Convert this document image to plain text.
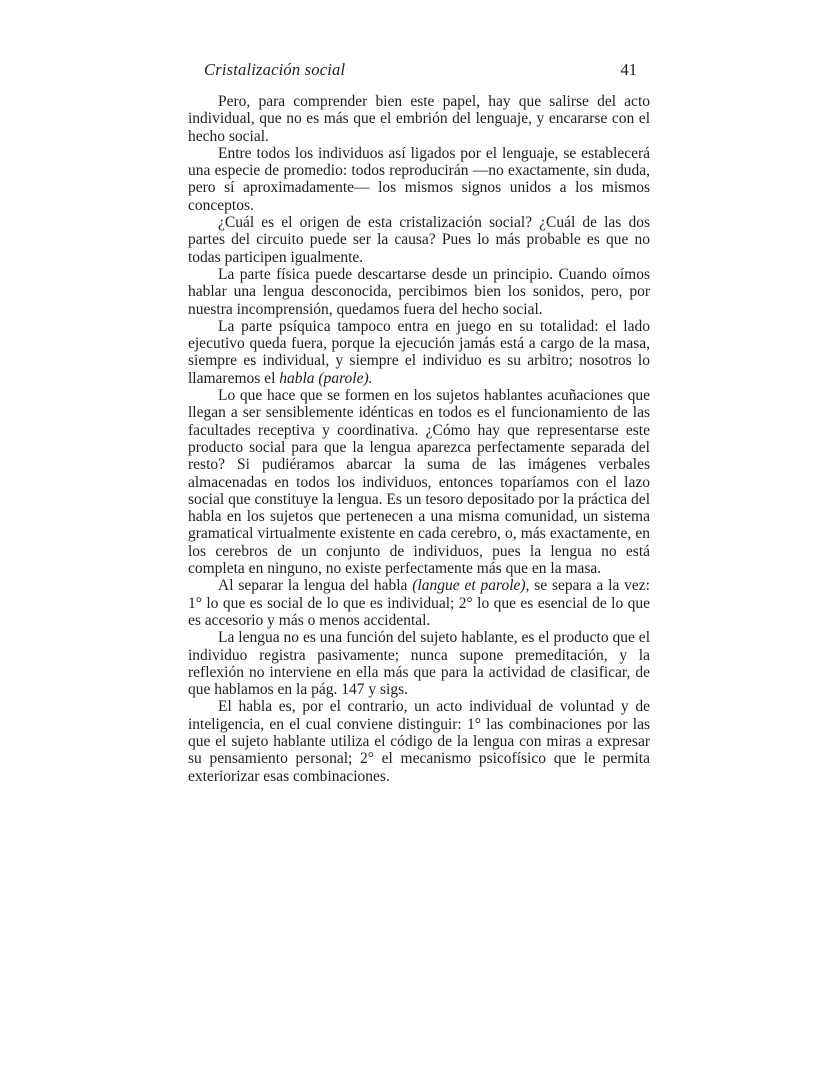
Cristalización social	41

Pero, para comprender bien este papel, hay que salirse del acto individual, que no es más que el embrión del lenguaje, y encararse con el hecho social.

Entre todos los individuos así ligados por el lenguaje, se establecerá una especie de promedio: todos reproducirán —no exactamente, sin duda, pero sí aproximadamente— los mismos signos unidos a los mismos conceptos.

¿Cuál es el origen de esta cristalización social? ¿Cuál de las dos partes del circuito puede ser la causa? Pues lo más probable es que no todas participen igualmente.

La parte física puede descartarse desde un principio. Cuando oímos hablar una lengua desconocida, percibimos bien los sonidos, pero, por nuestra incomprensión, quedamos fuera del hecho social.

La parte psíquica tampoco entra en juego en su totalidad: el lado ejecutivo queda fuera, porque la ejecución jamás está a cargo de la masa, siempre es individual, y siempre el individuo es su arbitro; nosotros lo llamaremos el habla (parole).

Lo que hace que se formen en los sujetos hablantes acuñaciones que llegan a ser sensiblemente idénticas en todos es el funcionamiento de las facultades receptiva y coordinativa. ¿Cómo hay que representarse este producto social para que la lengua aparezca perfectamente separada del resto? Si pudiéramos abarcar la suma de las imágenes verbales almacenadas en todos los individuos, entonces toparíamos con el lazo social que constituye la lengua. Es un tesoro depositado por la práctica del habla en los sujetos que pertenecen a una misma comunidad, un sistema gramatical virtualmente existente en cada cerebro, o, más exactamente, en los cerebros de un conjunto de individuos, pues la lengua no está completa en ninguno, no existe perfectamente más que en la masa.

Al separar la lengua del habla (langue et parole), se separa a la vez: 1° lo que es social de lo que es individual; 2° lo que es esencial de lo que es accesorio y más o menos accidental.

La lengua no es una función del sujeto hablante, es el producto que el individuo registra pasivamente; nunca supone premeditación, y la reflexión no interviene en ella más que para la actividad de clasificar, de que hablamos en la pág. 147 y sigs.

El habla es, por el contrario, un acto individual de voluntad y de inteligencia, en el cual conviene distinguir: 1° las combinaciones por las que el sujeto hablante utiliza el código de la lengua con miras a expresar su pensamiento personal; 2° el mecanismo psicofísico que le permita exteriorizar esas combinaciones.
